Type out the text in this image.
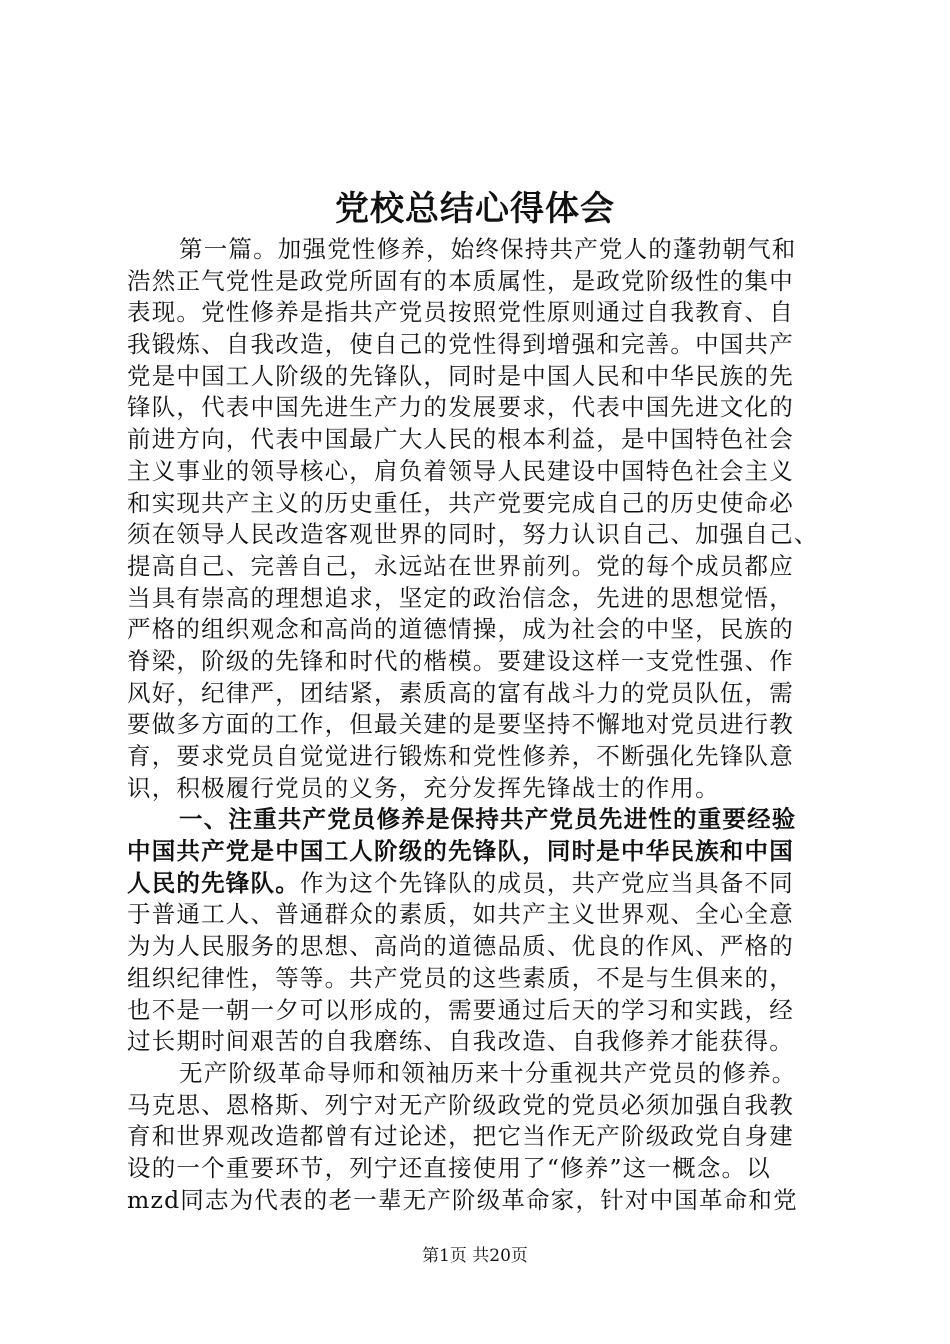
党校总结心得体会
第一篇。加强党性修养，始终保持共产党人的蓬勃朝气和
浩然正气党性是政党所固有的本质属性，是政党阶级性的集中
表现。党性修养是指共产党员按照党性原则通过自我教育、自
我锻炼、自我改造，使自己的党性得到增强和完善。中国共产
党是中国工人阶级的先锋队，同时是中国人民和中华民族的先
锋队，代表中国先进生产力的发展要求，代表中国先进文化的
前进方向，代表中国最广大人民的根本利益，是中国特色社会
主义事业的领导核心，肩负着领导人民建设中国特色社会主义
和实现共产主义的历史重任，共产党要完成自己的历史使命必
须在领导人民改造客观世界的同时，努力认识自己、加强自己、
提高自己、完善自己，永远站在世界前列。党的每个成员都应
当具有崇高的理想追求，坚定的政治信念，先进的思想觉悟，
严格的组织观念和高尚的道德情操，成为社会的中坚，民族的
脊梁，阶级的先锋和时代的楷模。要建设这样一支党性强、作
风好，纪律严，团结紧，素质高的富有战斗力的党员队伍，需
要做多方面的工作，但最关建的是要坚持不懈地对党员进行教
育，要求党员自觉觉进行锻炼和党性修养，不断强化先锋队意
识，积极履行党员的义务，充分发挥先锋战士的作用。
一、注重共产党员修养是保持共产党员先进性的重要经验
中国共产党是中国工人阶级的先锋队，同时是中华民族和中国
人民的先锋队。作为这个先锋队的成员，共产党应当具备不同
于普通工人、普通群众的素质，如共产主义世界观、全心全意
为为人民服务的思想、高尚的道德品质、优良的作风、严格的
组织纪律性，等等。共产党员的这些素质，不是与生俱来的，
也不是一朝一夕可以形成的，需要通过后天的学习和实践，经
过长期时间艰苦的自我磨练、自我改造、自我修养才能获得。
无产阶级革命导师和领袖历来十分重视共产党员的修养。
马克思、恩格斯、列宁对无产阶级政党的党员必须加强自我教
育和世界观改造都曾有过论述，把它当作无产阶级政党自身建
设的一个重要环节，列宁还直接使用了“修养”这一概念。以
mzd同志为代表的老一辈无产阶级革命家，针对中国革命和党
第1页 共20页
